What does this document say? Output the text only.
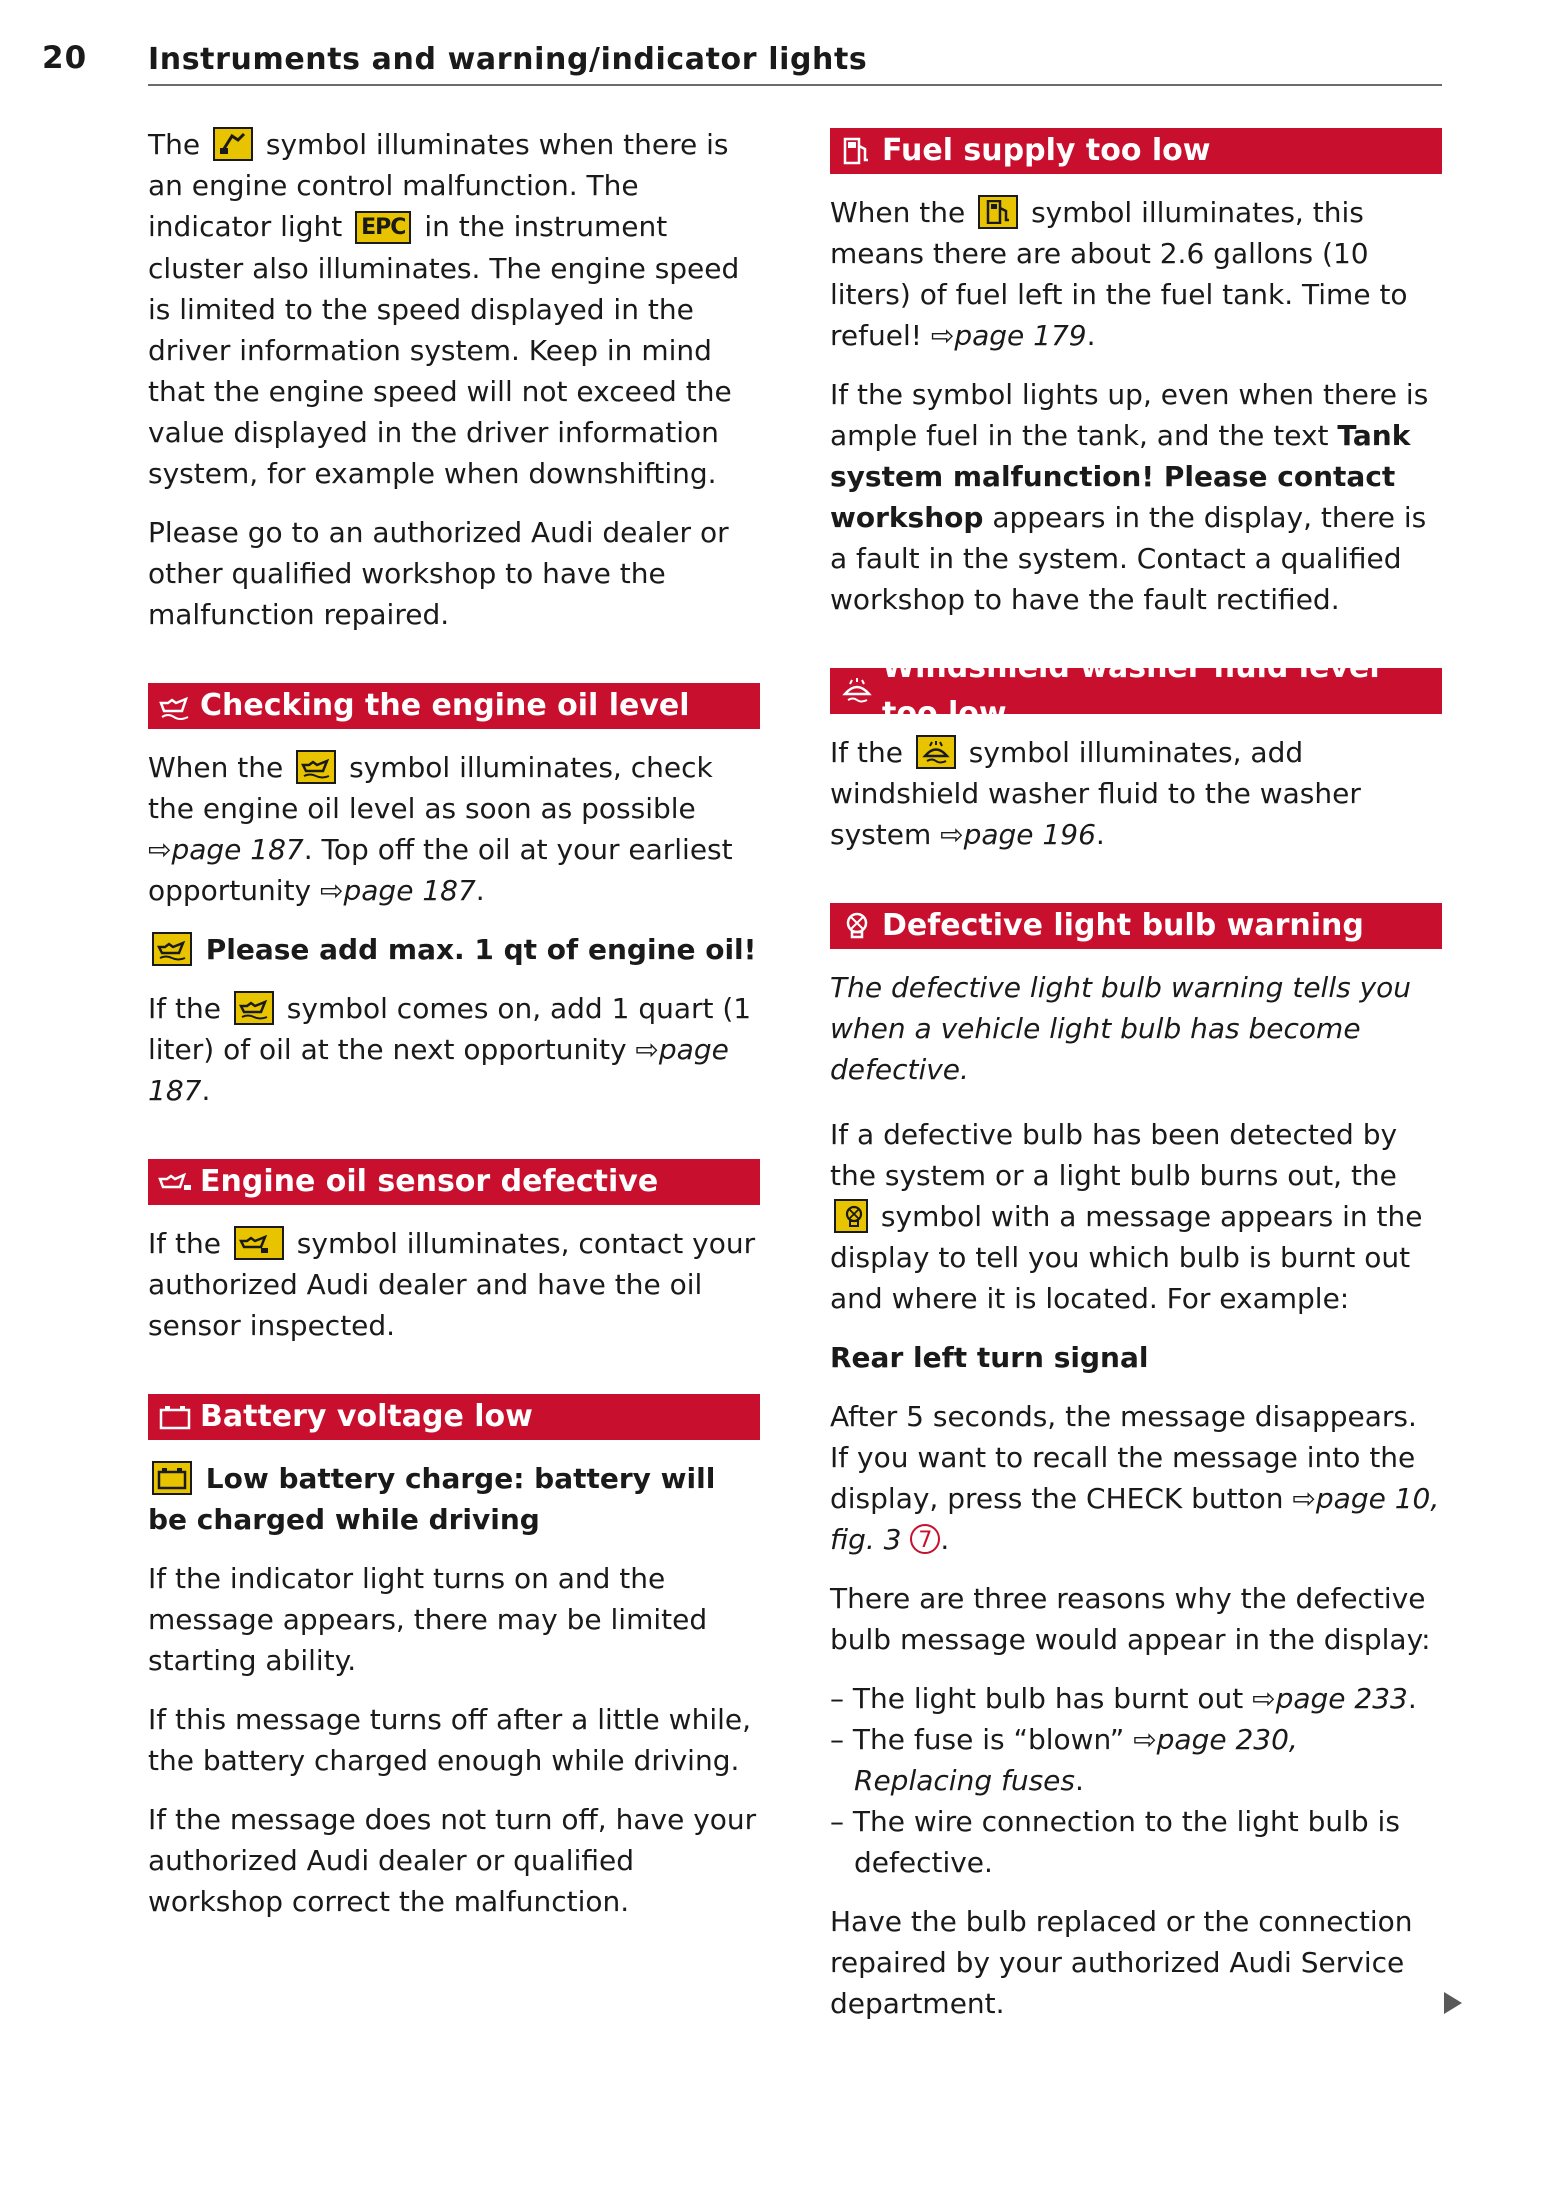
20 Instruments and warning/indicator lights

The symbol illuminates when there is an engine control malfunction. The indicator light EPC in the instrument cluster also illuminates. The engine speed is limited to the speed displayed in the driver information system. Keep in mind that the engine speed will not exceed the value displayed in the driver information system, for example when downshifting.

Please go to an authorized Audi dealer or other qualified workshop to have the malfunction repaired.

Checking the engine oil level

When the symbol illuminates, check the engine oil level as soon as possible ⇨page 187. Top off the oil at your earliest opportunity ⇨page 187.

Please add max. 1 qt of engine oil!

If the symbol comes on, add 1 quart (1 liter) of oil at the next opportunity ⇨page 187.

Engine oil sensor defective

If the	symbol illuminates, contact your authorized Audi dealer and have the oil sensor inspected.

Battery voltage low
Low battery charge: battery will be charged while driving

If the indicator light turns on and the message appears, there may be limited starting ability.

If this message turns off after a little while, the battery charged enough while driving.

If the message does not turn off, have your authorized Audi dealer or qualified workshop correct the malfunction.

Fuel supply too low

When the symbol illuminates, this means there are about 2.6 gallons (10 liters) of fuel left in the fuel tank. Time to refuel! ⇨page 179.

If the symbol lights up, even when there is ample fuel in the tank, and the text Tank system malfunction! Please contact workshop appears in the display, there is a fault in the system. Contact a qualified workshop to have the fault rectified.

Windshield washer fluid level too low

If the symbol illuminates, add windshield washer fluid to the washer system ⇨page 196.

Defective light bulb warning

The defective light bulb warning tells you when a vehicle light bulb has become defective.

If a defective bulb has been detected by the system or a light bulb burns out, the
symbol with a message appears in the display to tell you which bulb is burnt out and where it is located. For example:

Rear left turn signal

After 5 seconds, the message disappears. If you want to recall the message into the display, press the CHECK button ⇨page 10, fig. 3 7 .

There are three reasons why the defective bulb message would appear in the display:

– The light bulb has burnt out ⇨page 233.
– The fuse is “blown” ⇨page 230, Replacing fuses.
– The wire connection to the light bulb is defective.

Have the bulb replaced or the connection repaired by your authorized Audi Service department.
